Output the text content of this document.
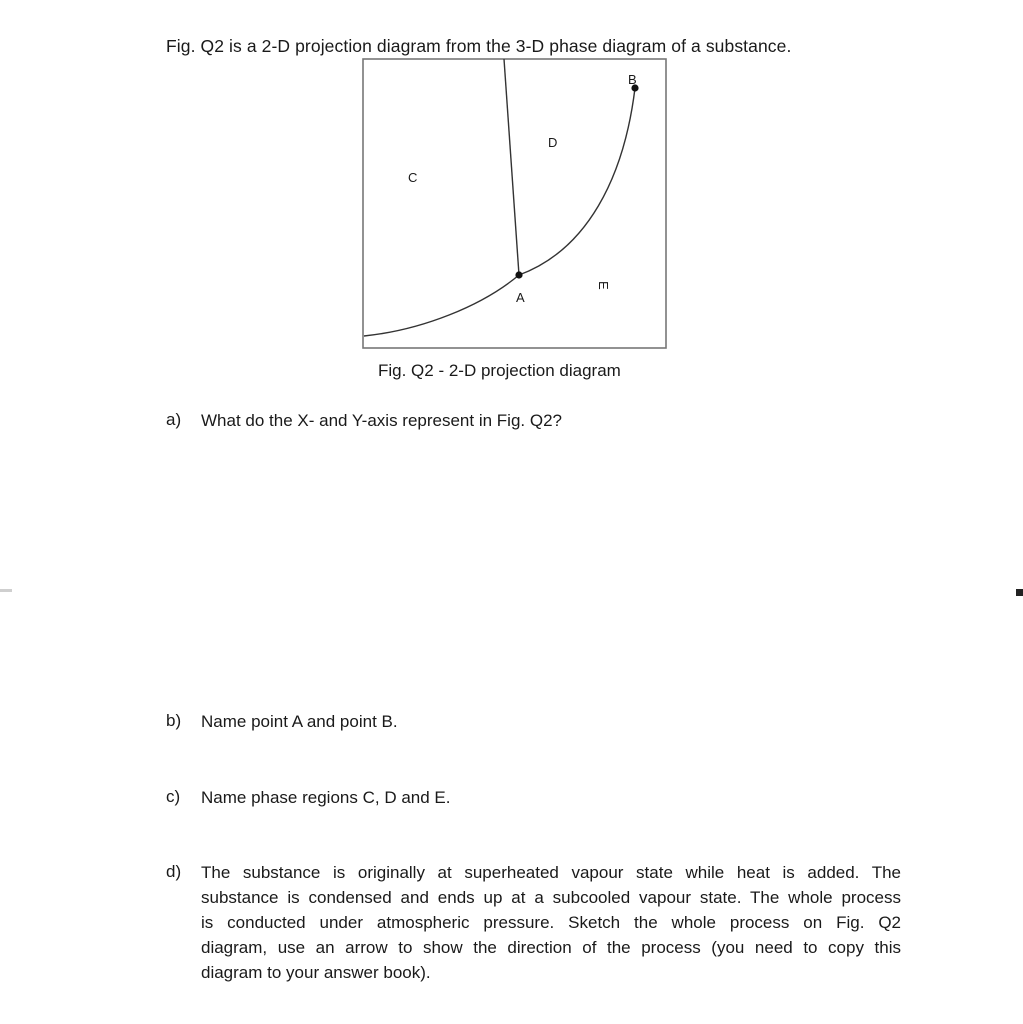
Fig. Q2 is a 2-D projection diagram from the 3-D phase diagram of a substance.
A
B
C
D
E
Fig. Q2 - 2-D projection diagram
a)	What do the X- and Y-axis represent in Fig. Q2?
b)	Name point A and point B.
c)	Name phase regions C, D and E.
d)	The substance is originally at superheated vapour state while heat is added. The
substance is condensed and ends up at a subcooled vapour state. The whole process
is conducted under atmospheric pressure. Sketch the whole process on Fig. Q2
diagram, use an arrow to show the direction of the process (you need to copy this
diagram to your answer book).
